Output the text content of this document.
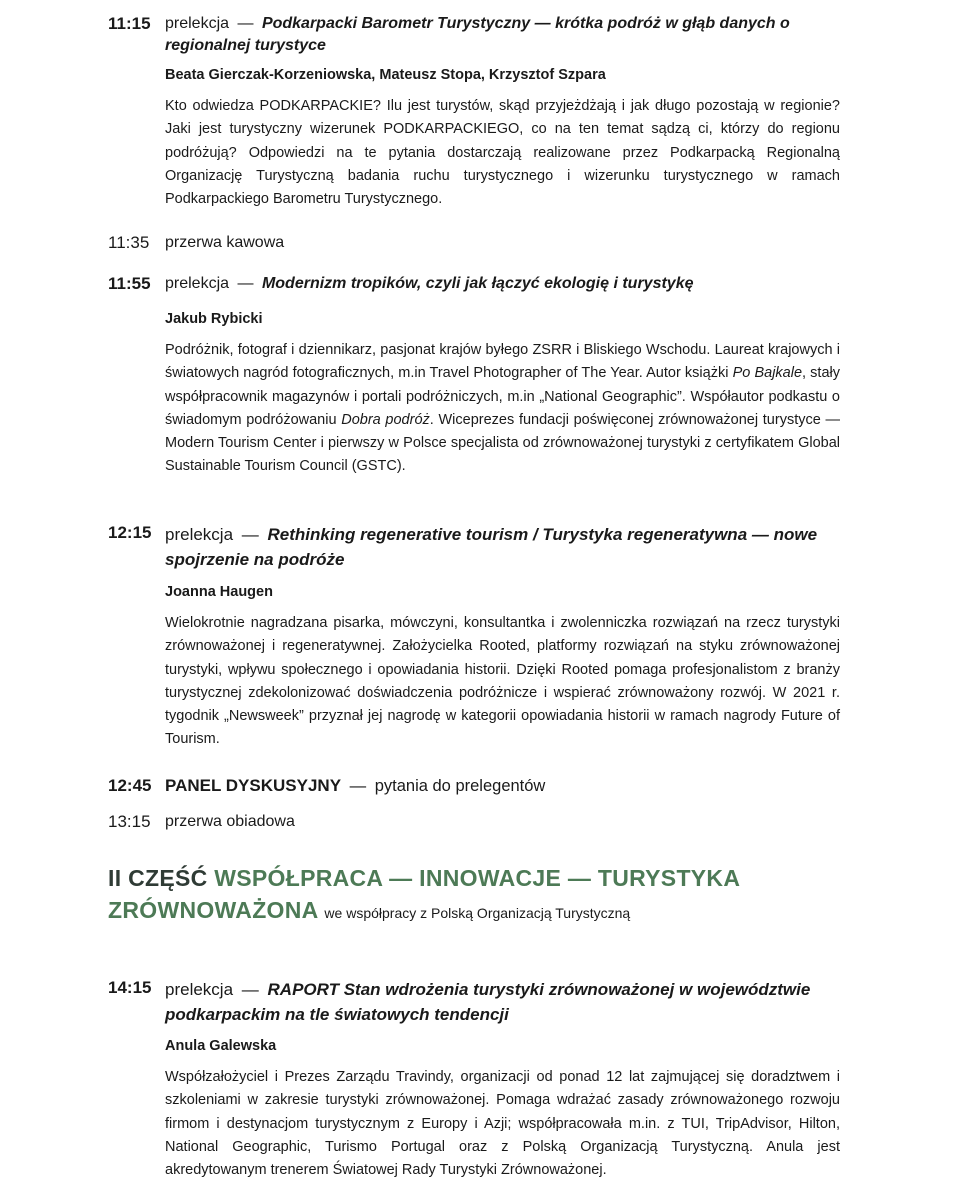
11:15 prelekcja — Podkarpacki Barometr Turystyczny — krótka podróż w głąb danych o regionalnej turystyce
Beata Gierczak-Korzeniowska, Mateusz Stopa, Krzysztof Szpara
Kto odwiedza PODKARPACKIE? Ilu jest turystów, skąd przyjeżdżają i jak długo pozostają w regionie? Jaki jest turystyczny wizerunek PODKARPACKIEGO, co na ten temat sądzą ci, którzy do regionu podróżują? Odpowiedzi na te pytania dostarczają realizowane przez Podkarpacką Regionalną Organizację Turystyczną badania ruchu turystycznego i wizerunku turystycznego w ramach Podkarpackiego Barometru Turystycznego.
11:35 przerwa kawowa
11:55 prelekcja — Modernizm tropików, czyli jak łączyć ekologię i turystykę
Jakub Rybicki
Podróżnik, fotograf i dziennikarz, pasjonat krajów byłego ZSRR i Bliskiego Wschodu. Laureat krajowych i światowych nagród fotograficznych, m.in Travel Photographer of The Year. Autor książki Po Bajkale, stały współpracownik magazynów i portali podróżniczych, m.in „National Geographic”. Współautor podkastu o świadomym podróżowaniu Dobra podróż. Wiceprezes fundacji poświęconej zrównoważonej turystyce — Modern Tourism Center i pierwszy w Polsce specjalista od zrównoważonej turystyki z certyfikatem Global Sustainable Tourism Council (GSTC).
12:15 prelekcja — Rethinking regenerative tourism / Turystyka regeneratywna — nowe spojrzenie na podróże
Joanna Haugen
Wielokrotnie nagradzana pisarka, mówczyni, konsultantka i zwolenniczka rozwiązań na rzecz turystyki zrównoważonej i regeneratywnej. Założycielka Rooted, platformy rozwiązań na styku zrównoważonej turystyki, wpływu społecznego i opowiadania historii. Dzięki Rooted pomaga profesjonalistom z branży turystycznej zdekolonizować doświadczenia podróżnicze i wspierać zrównoważony rozwój. W 2021 r. tygodnik „Newsweek” przyznał jej nagrodę w kategorii opowiadania historii w ramach nagrody Future of Tourism.
12:45 PANEL DYSKUSYJNY — pytania do prelegentów
13:15 przerwa obiadowa
II CZĘŚĆ WSPÓŁPRACA — INNOWACJE — TURYSTYKA
ZRÓWNOWAŻONA we współpracy z Polską Organizacją Turystyczną
14:15 prelekcja — RAPORT Stan wdrożenia turystyki zrównoważonej w województwie podkarpackim na tle światowych tendencji
Anula Galewska
Współzałożyciel i Prezes Zarządu Travindy, organizacji od ponad 12 lat zajmującej się doradztwem i szkoleniami w zakresie turystyki zrównoważonej. Pomaga wdrażać zasady zrównoważonego rozwoju firmom i destynacjom turystycznym z Europy i Azji; współpracowała m.in. z TUI, TripAdvisor, Hilton, National Geographic, Turismo Portugal oraz z Polską Organizacją Turystyczną. Anula jest akredytowanym trenerem Światowej Rady Turystyki Zrównoważonej.
